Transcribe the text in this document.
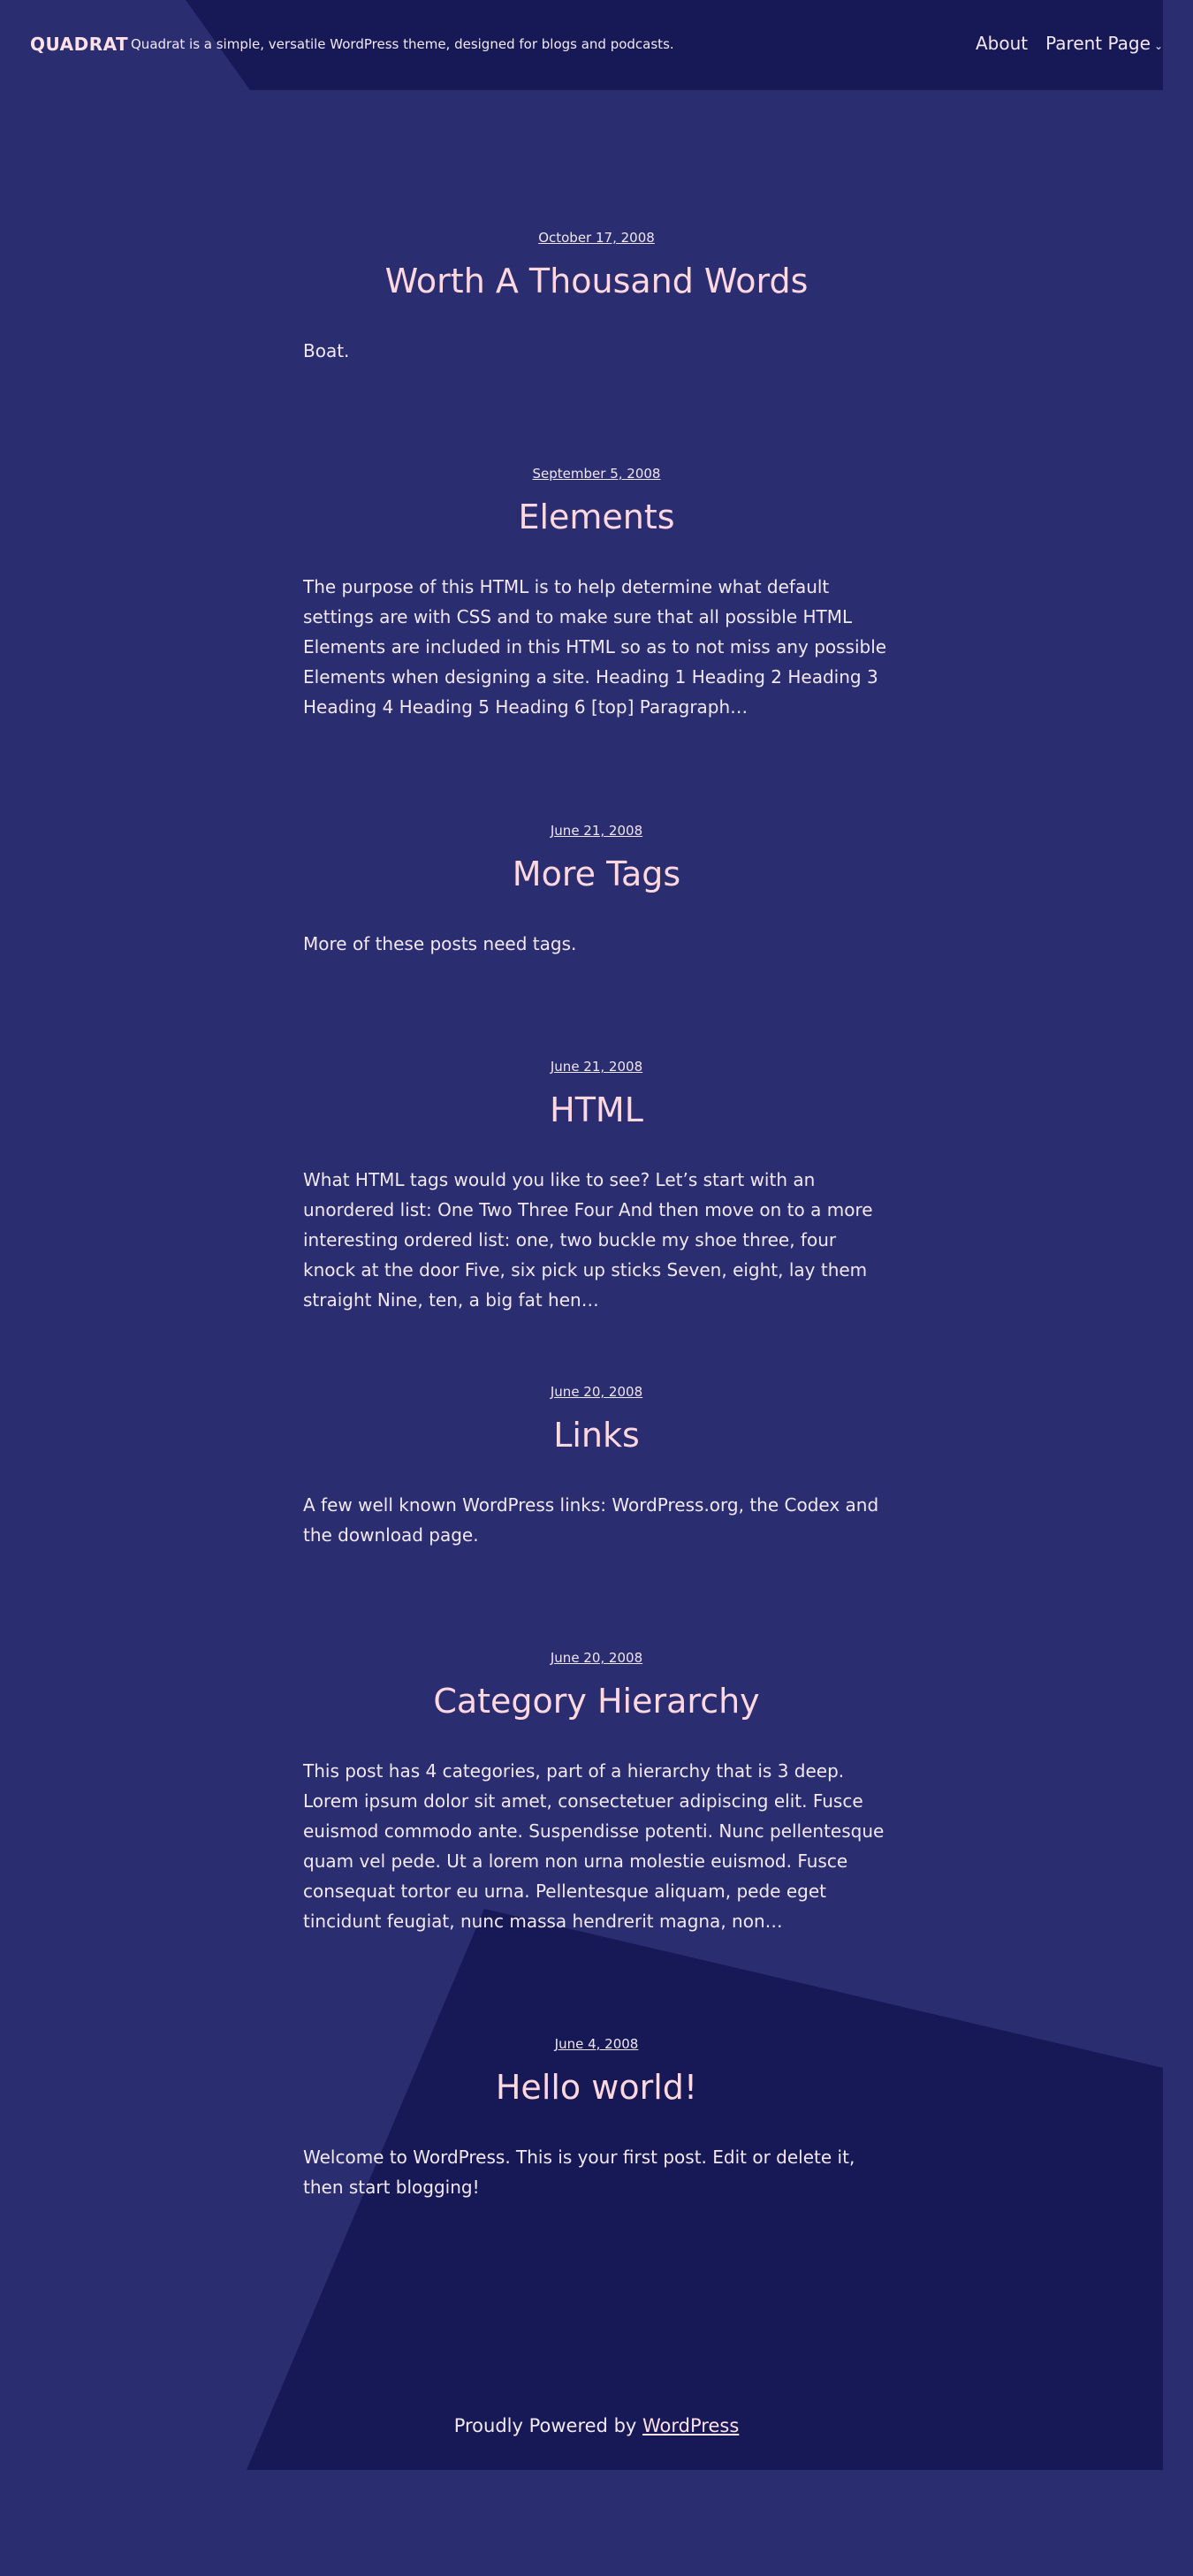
QUADRAT Quadrat is a simple, versatile WordPress theme, designed for blogs and podcasts.	About Parent Page ⌄
October 17, 2008
Worth A Thousand Words

Boat.

September 5, 2008
Elements

The purpose of this HTML is to help determine what default settings are with CSS and to make sure that all possible HTML Elements are included in this HTML so as to not miss any possible Elements when designing a site. Heading 1 Heading 2 Heading 3 Heading 4 Heading 5 Heading 6 [top] Paragraph…

June 21, 2008
More Tags

More of these posts need tags.

June 21, 2008
HTML

What HTML tags would you like to see? Let’s start with an unordered list: One Two Three Four And then move on to a more interesting ordered list: one, two buckle my shoe three, four knock at the door Five, six pick up sticks Seven, eight, lay them straight Nine, ten, a big fat hen…

June 20, 2008
Links

A few well known WordPress links: WordPress.org, the Codex and the download page.

June 20, 2008
Category Hierarchy

This post has 4 categories, part of a hierarchy that is 3 deep. Lorem ipsum dolor sit amet, consectetuer adipiscing elit. Fusce euismod commodo ante. Suspendisse potenti. Nunc pellentesque quam vel pede. Ut a lorem non urna molestie euismod. Fusce consequat tortor eu urna. Pellentesque aliquam, pede eget tincidunt feugiat, nunc massa hendrerit magna, non…

June 4, 2008
Hello world!

Welcome to WordPress. This is your first post. Edit or delete it, then start blogging!

Proudly Powered by WordPress
